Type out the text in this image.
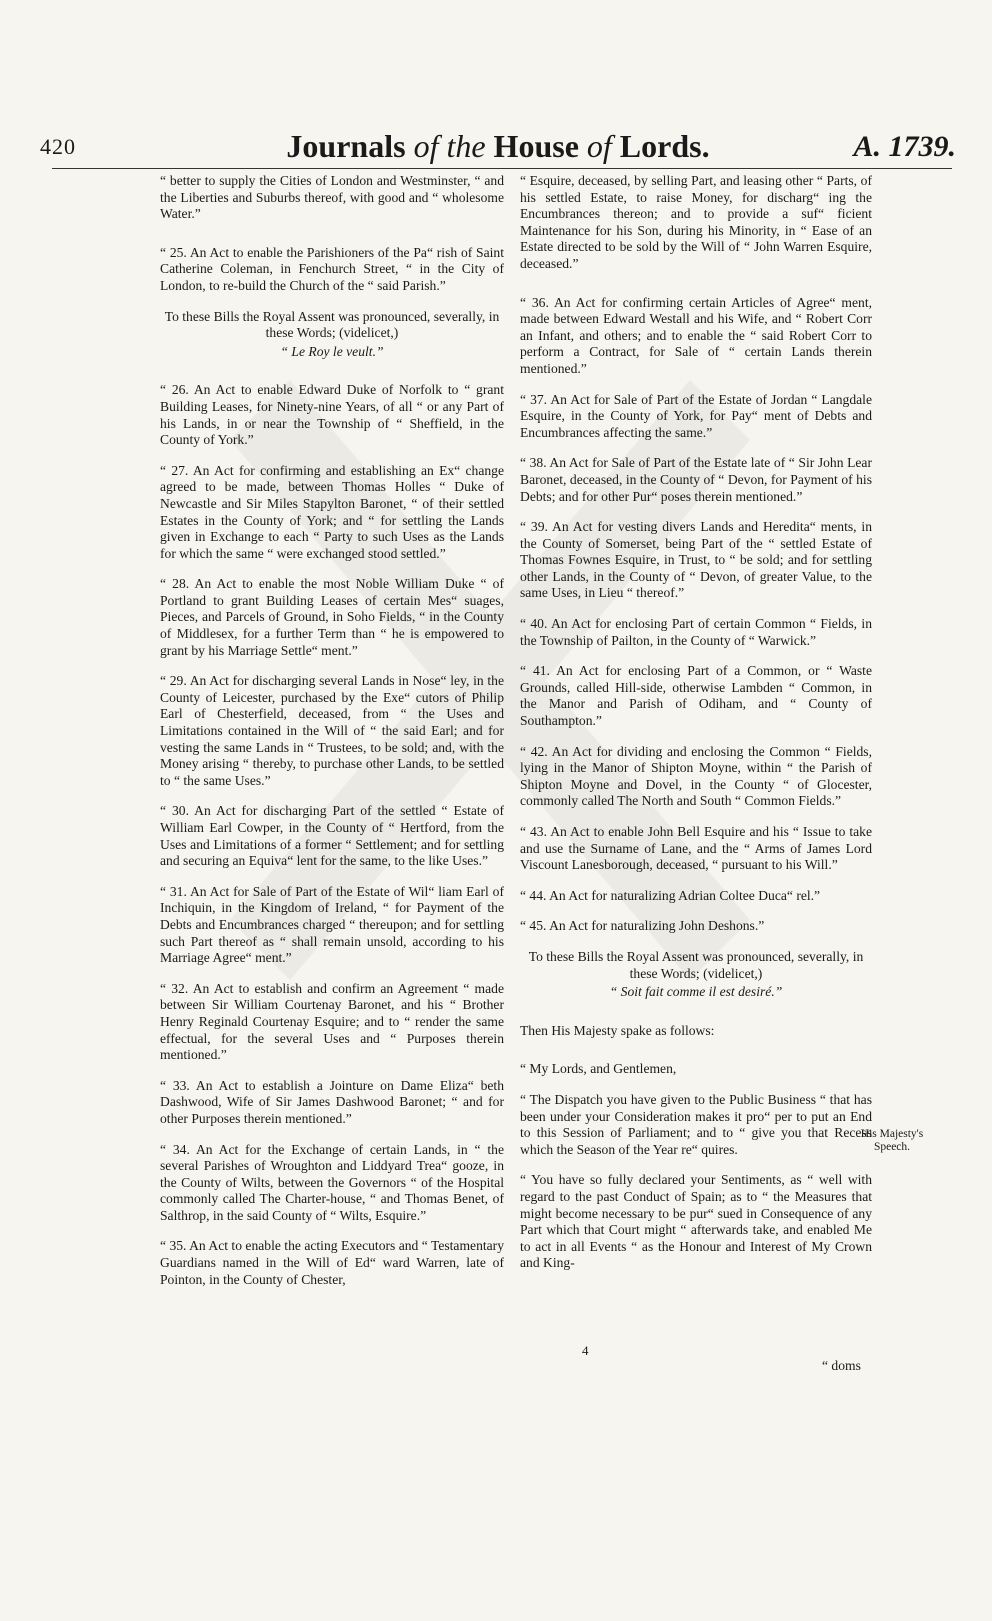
420	Journals of the House of Lords.	A. 1739.

“ better to supply the Cities of London and Westminster, “ and the Liberties and Suburbs thereof, with good and “ wholesome Water.”

“ 25. An Act to enable the Parishioners of the Pa“ rish of Saint Catherine Coleman, in Fenchurch Street, “ in the City of London, to re-build the Church of the “ said Parish.”

To these Bills the Royal Assent was pronounced, severally, in these Words; (videlicet,)
“ Le Roy le veult.”

“ 26. An Act to enable Edward Duke of Norfolk to “ grant Building Leases, for Ninety-nine Years, of all “ or any Part of his Lands, in or near the Township of “ Sheffield, in the County of York.”

“ 27. An Act for confirming and establishing an Ex“ change agreed to be made, between Thomas Holles “ Duke of Newcastle and Sir Miles Stapylton Baronet, “ of their settled Estates in the County of York; and “ for settling the Lands given in Exchange to each “ Party to such Uses as the Lands for which the same “ were exchanged stood settled.”

“ 28. An Act to enable the most Noble William Duke “ of Portland to grant Building Leases of certain Mes“ suages, Pieces, and Parcels of Ground, in Soho Fields, “ in the County of Middlesex, for a further Term than “ he is empowered to grant by his Marriage Settle“ ment.”

“ 29. An Act for discharging several Lands in Nose“ ley, in the County of Leicester, purchased by the Exe“ cutors of Philip Earl of Chesterfield, deceased, from “ the Uses and Limitations contained in the Will of “ the said Earl; and for vesting the same Lands in “ Trustees, to be sold; and, with the Money arising “ thereby, to purchase other Lands, to be settled to “ the same Uses.”

“ 30. An Act for discharging Part of the settled “ Estate of William Earl Cowper, in the County of “ Hertford, from the Uses and Limitations of a former “ Settlement; and for settling and securing an Equiva“ lent for the same, to the like Uses.”

“ 31. An Act for Sale of Part of the Estate of Wil“ liam Earl of Inchiquin, in the Kingdom of Ireland, “ for Payment of the Debts and Encumbrances charged “ thereupon; and for settling such Part thereof as “ shall remain unsold, according to his Marriage Agree“ ment.”

“ 32. An Act to establish and confirm an Agreement “ made between Sir William Courtenay Baronet, and his “ Brother Henry Reginald Courtenay Esquire; and to “ render the same effectual, for the several Uses and “ Purposes therein mentioned.”

“ 33. An Act to establish a Jointure on Dame Eliza“ beth Dashwood, Wife of Sir James Dashwood Baronet; “ and for other Purposes therein mentioned.”

“ 34. An Act for the Exchange of certain Lands, in “ the several Parishes of Wroughton and Liddyard Trea“ gooze, in the County of Wilts, between the Governors “ of the Hospital commonly called The Charter-house, “ and Thomas Benet, of Salthrop, in the said County of “ Wilts, Esquire.”

“ 35. An Act to enable the acting Executors and “ Testamentary Guardians named in the Will of Ed“ ward Warren, late of Pointon, in the County of Chester,

“ Esquire, deceased, by selling Part, and leasing other “ Parts, of his settled Estate, to raise Money, for discharg“ ing the Encumbrances thereon; and to provide a suf“ ficient Maintenance for his Son, during his Minority, in “ Ease of an Estate directed to be sold by the Will of “ John Warren Esquire, deceased.”

“ 36. An Act for confirming certain Articles of Agree“ ment, made between Edward Westall and his Wife, and “ Robert Corr an Infant, and others; and to enable the “ said Robert Corr to perform a Contract, for Sale of “ certain Lands therein mentioned.”

“ 37. An Act for Sale of Part of the Estate of Jordan “ Langdale Esquire, in the County of York, for Pay“ ment of Debts and Encumbrances affecting the same.”

“ 38. An Act for Sale of Part of the Estate late of “ Sir John Lear Baronet, deceased, in the County of “ Devon, for Payment of his Debts; and for other Pur“ poses therein mentioned.”

“ 39. An Act for vesting divers Lands and Heredita“ ments, in the County of Somerset, being Part of the “ settled Estate of Thomas Fownes Esquire, in Trust, to “ be sold; and for settling other Lands, in the County of “ Devon, of greater Value, to the same Uses, in Lieu “ thereof.”

“ 40. An Act for enclosing Part of certain Common “ Fields, in the Township of Pailton, in the County of “ Warwick.”

“ 41. An Act for enclosing Part of a Common, or “ Waste Grounds, called Hill-side, otherwise Lambden “ Common, in the Manor and Parish of Odiham, and “ County of Southampton.”

“ 42. An Act for dividing and enclosing the Common “ Fields, lying in the Manor of Shipton Moyne, within “ the Parish of Shipton Moyne and Dovel, in the County “ of Glocester, commonly called The North and South “ Common Fields.”

“ 43. An Act to enable John Bell Esquire and his “ Issue to take and use the Surname of Lane, and the “ Arms of James Lord Viscount Lanesborough, deceased, “ pursuant to his Will.”

“ 44. An Act for naturalizing Adrian Coltee Duca“ rel.”

“ 45. An Act for naturalizing John Deshons.”

To these Bills the Royal Assent was pronounced, severally, in these Words; (videlicet,)
“ Soit fait comme il est desiré.”

Then His Majesty spake as follows:

“ My Lords, and Gentlemen,

“ The Dispatch you have given to the Public Business “ that has been under your Consideration makes it pro“ per to put an End to this Session of Parliament; and to “ give you that Recess which the Season of the Year re“ quires.

“ You have so fully declared your Sentiments, as “ well with regard to the past Conduct of Spain; as to “ the Measures that might become necessary to be pur“ sued in Consequence of any Part which that Court might “ afterwards take, and enabled Me to act in all Events “ as the Honour and Interest of My Crown and King-

His Majesty's Speech.
4
“ doms
